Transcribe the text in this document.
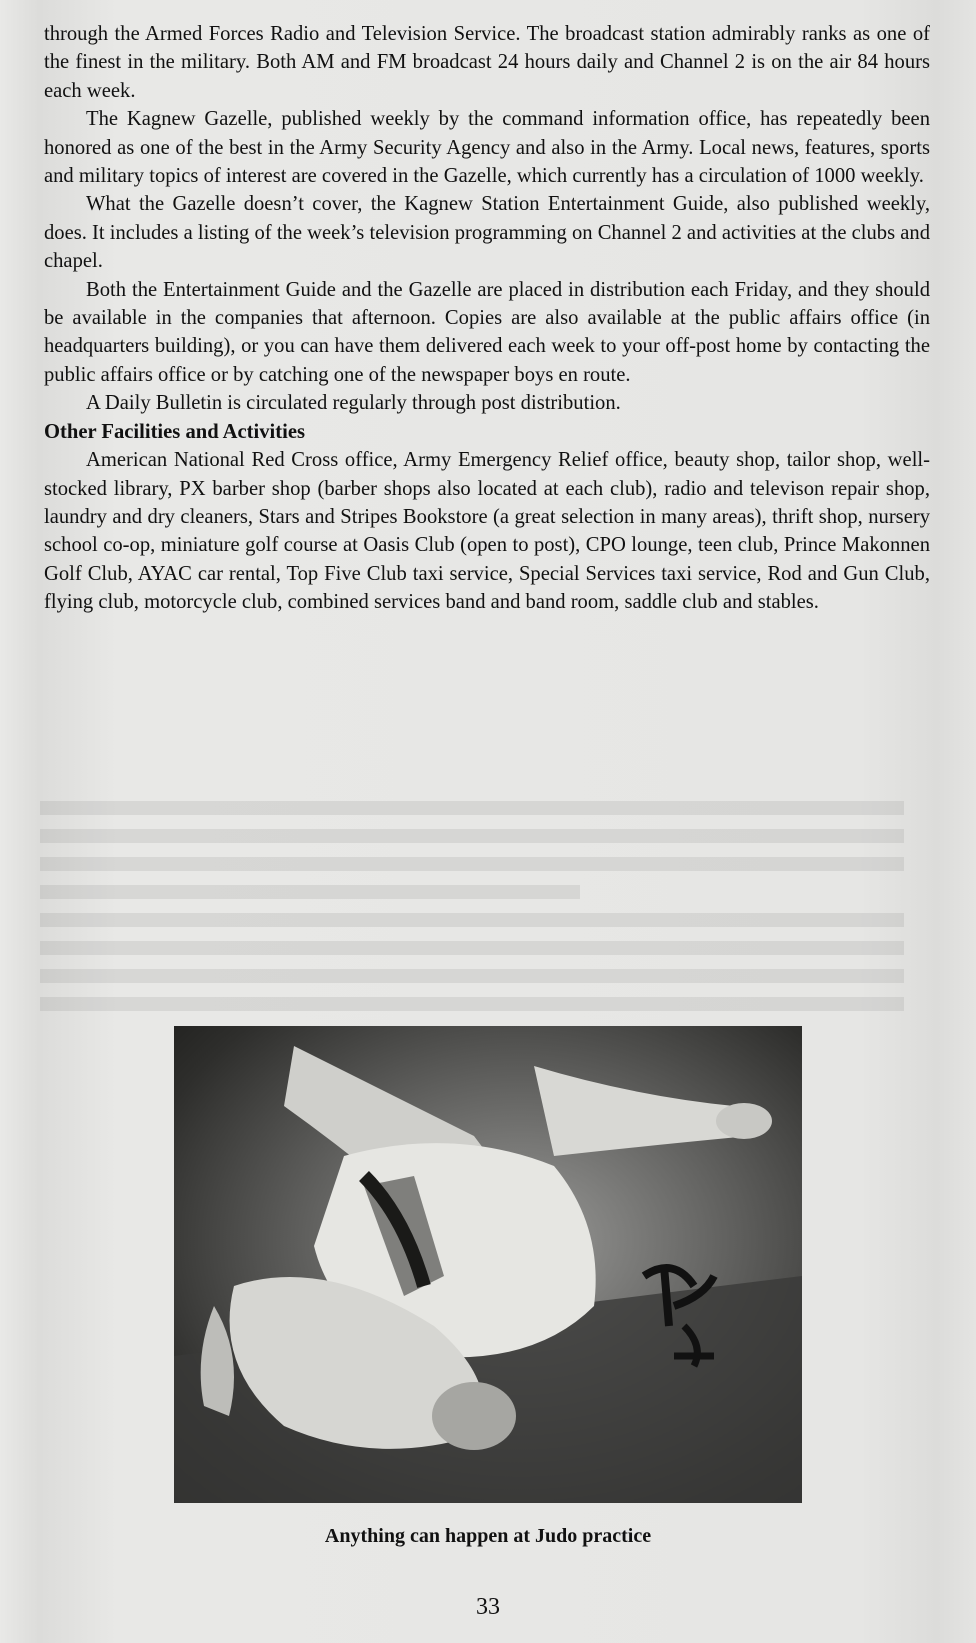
through the Armed Forces Radio and Television Service. The broadcast station admirably ranks as one of the finest in the military. Both AM and FM broadcast 24 hours daily and Channel 2 is on the air 84 hours each week.

The Kagnew Gazelle, published weekly by the command information office, has repeatedly been honored as one of the best in the Army Security Agency and also in the Army. Local news, features, sports and military topics of interest are covered in the Gazelle, which currently has a circulation of 1000 weekly.

What the Gazelle doesn’t cover, the Kagnew Station Entertainment Guide, also published weekly, does. It includes a listing of the week’s television programming on Channel 2 and activities at the clubs and chapel.

Both the Entertainment Guide and the Gazelle are placed in distribution each Friday, and they should be available in the companies that afternoon. Copies are also available at the public affairs office (in headquarters building), or you can have them delivered each week to your off-post home by contacting the public affairs office or by catching one of the newspaper boys en route.

A Daily Bulletin is circulated regularly through post distribution.

Other Facilities and Activities

American National Red Cross office, Army Emergency Relief office, beauty shop, tailor shop, well-stocked library, PX barber shop (barber shops also located at each club), radio and televison repair shop, laundry and dry cleaners, Stars and Stripes Bookstore (a great selection in many areas), thrift shop, nursery school co-op, miniature golf course at Oasis Club (open to post), CPO lounge, teen club, Prince Makonnen Golf Club, AYAC car rental, Top Five Club taxi service, Special Services taxi service, Rod and Gun Club, flying club, motorcycle club, combined services band and band room, saddle club and stables.

Anything can happen at Judo practice
33
